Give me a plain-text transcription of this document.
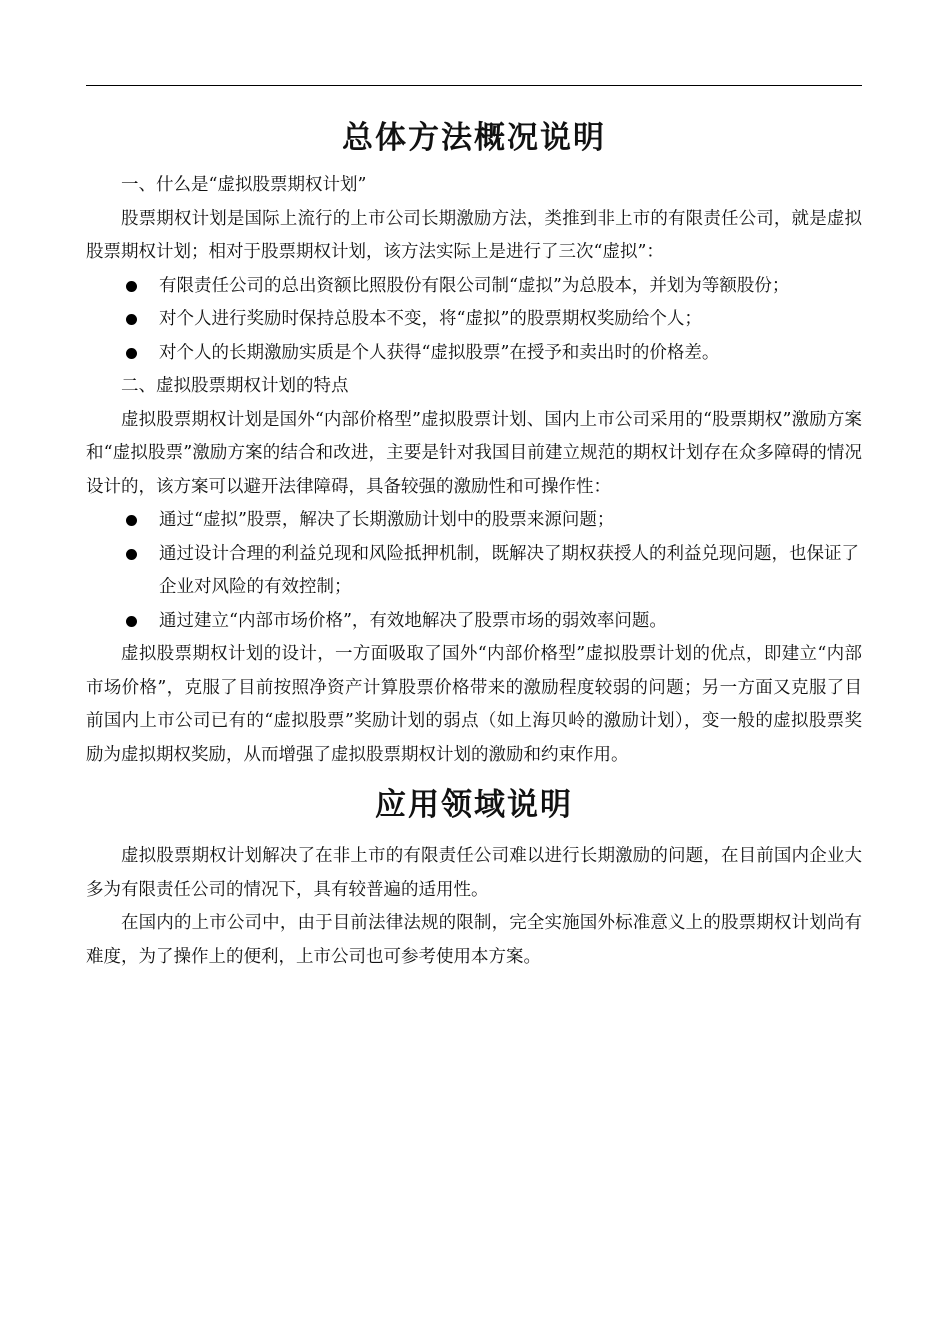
总体方法概况说明

一、什么是“虚拟股票期权计划”

股票期权计划是国际上流行的上市公司长期激励方法，类推到非上市的有限责任公司，就是虚拟股票期权计划；相对于股票期权计划，该方法实际上是进行了三次“虚拟”：

有限责任公司的总出资额比照股份有限公司制“虚拟”为总股本，并划为等额股份；
对个人进行奖励时保持总股本不变，将“虚拟”的股票期权奖励给个人；
对个人的长期激励实质是个人获得“虚拟股票”在授予和卖出时的价格差。

二、虚拟股票期权计划的特点

虚拟股票期权计划是国外“内部价格型”虚拟股票计划、国内上市公司采用的“股票期权”激励方案和“虚拟股票”激励方案的结合和改进，主要是针对我国目前建立规范的期权计划存在众多障碍的情况设计的，该方案可以避开法律障碍，具备较强的激励性和可操作性：

通过“虚拟”股票，解决了长期激励计划中的股票来源问题；
通过设计合理的利益兑现和风险抵押机制，既解决了期权获授人的利益兑现问题，也保证了企业对风险的有效控制；
通过建立“内部市场价格”，有效地解决了股票市场的弱效率问题。

虚拟股票期权计划的设计，一方面吸取了国外“内部价格型”虚拟股票计划的优点，即建立“内部市场价格”，克服了目前按照净资产计算股票价格带来的激励程度较弱的问题；另一方面又克服了目前国内上市公司已有的“虚拟股票”奖励计划的弱点（如上海贝岭的激励计划），变一般的虚拟股票奖励为虚拟期权奖励，从而增强了虚拟股票期权计划的激励和约束作用。

应用领域说明

虚拟股票期权计划解决了在非上市的有限责任公司难以进行长期激励的问题，在目前国内企业大多为有限责任公司的情况下，具有较普遍的适用性。

在国内的上市公司中，由于目前法律法规的限制，完全实施国外标准意义上的股票期权计划尚有难度，为了操作上的便利，上市公司也可参考使用本方案。
